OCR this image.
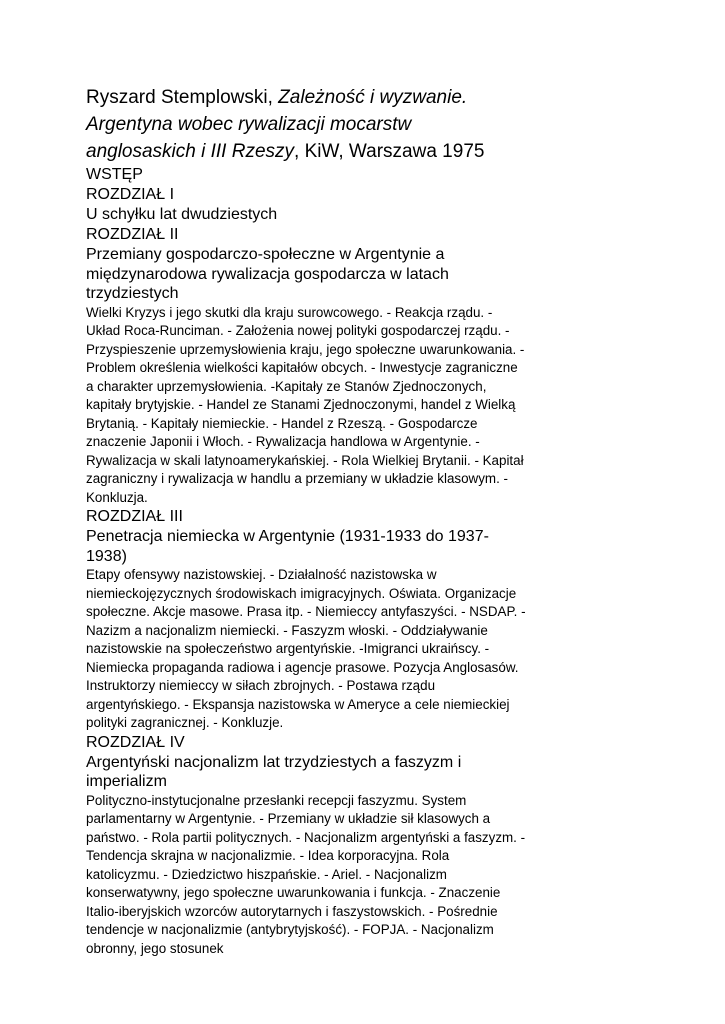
Ryszard Stemplowski, Zależność i wyzwanie. Argentyna wobec rywalizacji mocarstw anglosaskich i III Rzeszy, KiW, Warszawa 1975

WSTĘP

ROZDZIAŁ I

U schyłku lat dwudziestych

ROZDZIAŁ II

Przemiany gospodarczo-społeczne w Argentynie a międzynarodowa rywalizacja gospodarcza w latach trzydziestych

Wielki Kryzys i jego skutki dla kraju surowcowego. - Reakcja rządu. - Układ Roca-Runciman. - Założenia nowej polityki gospodarczej rządu. - Przyspieszenie uprzemysłowienia kraju, jego społeczne uwarunkowania. -Problem określenia wielkości kapitałów obcych. - Inwestycje zagraniczne a charakter uprzemysłowienia. -Kapitały ze Stanów Zjednoczonych, kapitały brytyjskie. - Handel ze Stanami Zjednoczonymi, handel z Wielką Brytanią. - Kapitały niemieckie. - Handel z Rzeszą. - Gospodarcze znaczenie Japonii i Włoch. - Rywalizacja handlowa w Argentynie. - Rywalizacja w skali latynoamerykańskiej. - Rola Wielkiej Brytanii. - Kapitał zagraniczny i rywalizacja w handlu a przemiany w układzie klasowym. - Konkluzja.

ROZDZIAŁ III

Penetracja niemiecka w Argentynie (1931-1933 do 1937-1938)

Etapy ofensywy nazistowskiej. - Działalność nazistowska w niemieckojęzycznych środowiskach imigracyjnych. Oświata. Organizacje społeczne. Akcje masowe. Prasa itp. - Niemieccy antyfaszyści. - NSDAP. - Nazizm a nacjonalizm niemiecki. - Faszyzm włoski. - Oddziaływanie nazistowskie na społeczeństwo argentyńskie. -Imigranci ukraińscy. - Niemiecka propaganda radiowa i agencje prasowe. Pozycja Anglosasów. Instruktorzy niemieccy w siłach zbrojnych. - Postawa rządu argentyńskiego. - Ekspansja nazistowska w Ameryce a cele niemieckiej polityki zagranicznej. - Konkluzje.

ROZDZIAŁ IV

Argentyński nacjonalizm lat trzydziestych a faszyzm i imperializm

Polityczno-instytucjonalne przesłanki recepcji faszyzmu. System parlamentarny w Argentynie. - Przemiany w układzie sił klasowych a państwo. - Rola partii politycznych. - Nacjonalizm argentyński a faszyzm. -Tendencja skrajna w nacjonalizmie. - Idea korporacyjna. Rola katolicyzmu. - Dziedzictwo hiszpańskie. - Ariel. - Nacjonalizm konserwatywny, jego społeczne uwarunkowania i funkcja. - Znaczenie Italio-iberyjskich wzorców autorytarnych i faszystowskich. - Pośrednie tendencje w nacjonalizmie (antybrytyjskość). - FOPJA. - Nacjonalizm obronny, jego stosunek
